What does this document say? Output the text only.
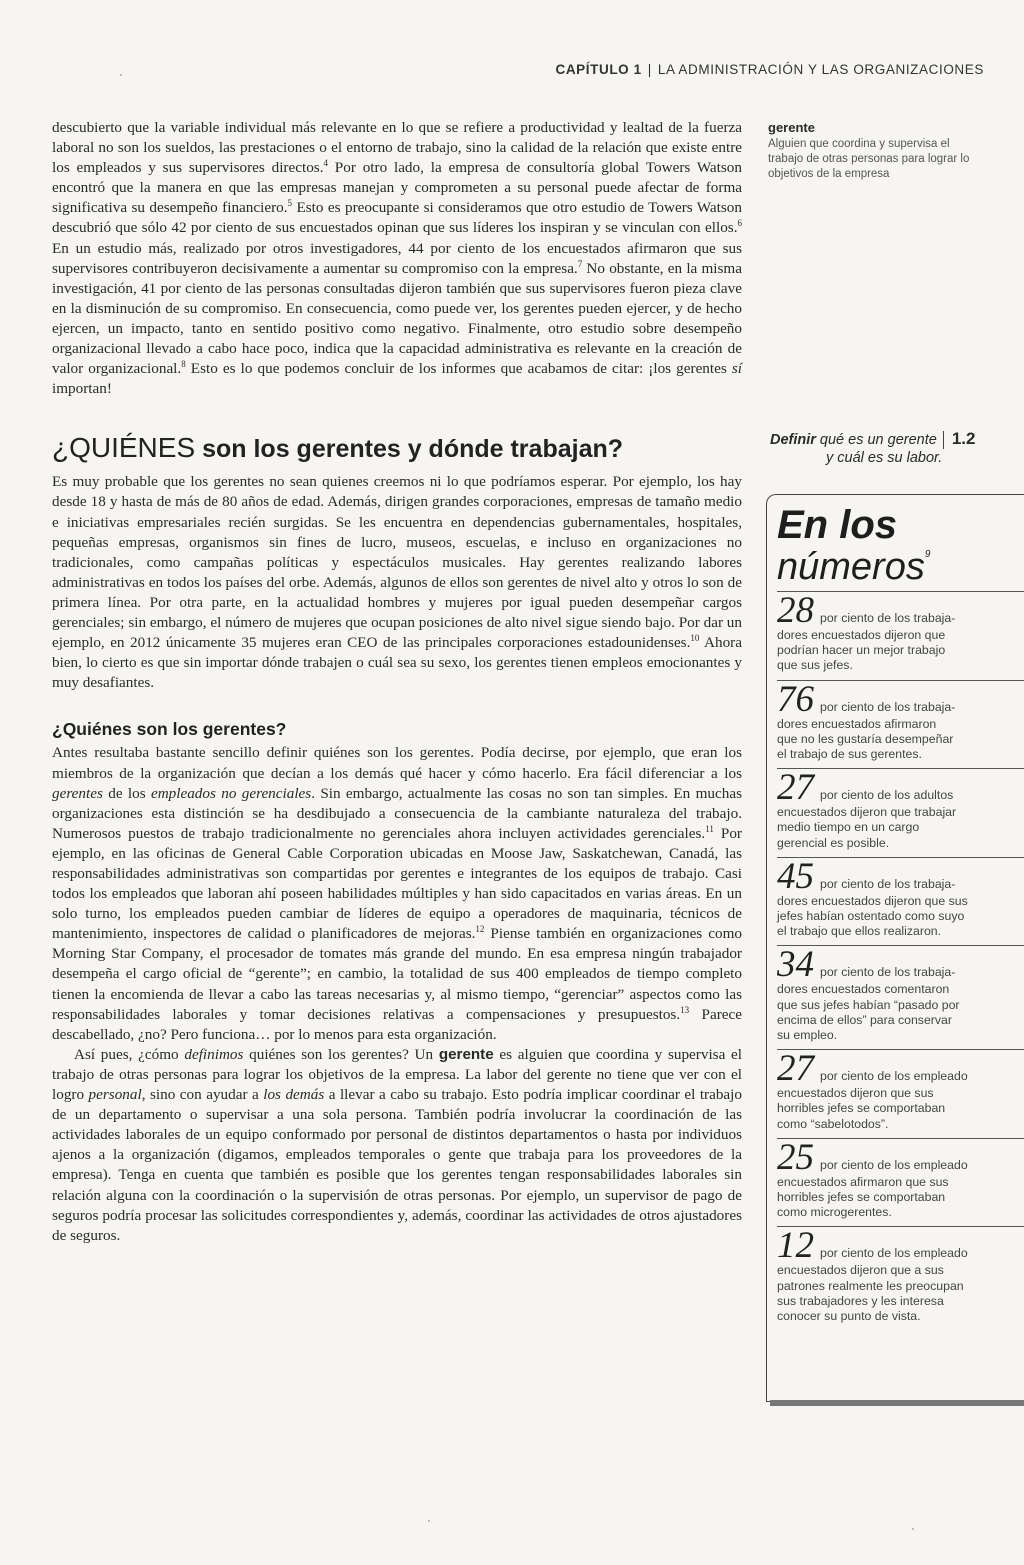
CAPÍTULO 1 | LA ADMINISTRACIÓN Y LAS ORGANIZACIONES

descubierto que la variable individual más relevante en lo que se refiere a productividad y lealtad de la fuerza laboral no son los sueldos, las prestaciones o el entorno de trabajo, sino la calidad de la relación que existe entre los empleados y sus supervisores directos.$^4$ Por otro lado, la empresa de consultoría global Towers Watson encontró que la manera en que las empresas manejan y comprometen a su personal puede afectar de forma significativa su desempeño financiero.$^5$ Esto es preocupante si consideramos que otro estudio de Towers Watson descubrió que sólo 42 por ciento de sus encuestados opinan que sus líderes los inspiran y se vinculan con ellos.$^6$ En un estudio más, realizado por otros investigadores, 44 por ciento de los encuestados afirmaron que sus supervisores contribuyeron decisivamente a aumentar su compromiso con la empresa.$^7$ No obstante, en la misma investigación, 41 por ciento de las personas consultadas dijeron también que sus supervisores fueron pieza clave en la disminución de su compromiso. En consecuencia, como puede ver, los gerentes pueden ejercer, y de hecho ejercen, un impacto, tanto en sentido positivo como negativo. Finalmente, otro estudio sobre desempeño organizacional llevado a cabo hace poco, indica que la capacidad administrativa es relevante en la creación de valor organizacional.$^8$ Esto es lo que podemos concluir de los informes que acabamos de citar: ¡los gerentes sí importan!

¿QUIÉNES son los gerentes y dónde trabajan?

Es muy probable que los gerentes no sean quienes creemos ni lo que podríamos esperar. Por ejemplo, los hay desde 18 y hasta de más de 80 años de edad. Además, dirigen grandes corporaciones, empresas de tamaño medio e iniciativas empresariales recién surgidas. Se les encuentra en dependencias gubernamentales, hospitales, pequeñas empresas, organismos sin fines de lucro, museos, escuelas, e incluso en organizaciones no tradicionales, como campañas políticas y espectáculos musicales. Hay gerentes realizando labores administrativas en todos los países del orbe. Además, algunos de ellos son gerentes de nivel alto y otros lo son de primera línea. Por otra parte, en la actualidad hombres y mujeres por igual pueden desempeñar cargos gerenciales; sin embargo, el número de mujeres que ocupan posiciones de alto nivel sigue siendo bajo. Por dar un ejemplo, en 2012 únicamente 35 mujeres eran CEO de las principales corporaciones estadounidenses.$^{10}$ Ahora bien, lo cierto es que sin importar dónde trabajen o cuál sea su sexo, los gerentes tienen empleos emocionantes y muy desafiantes.

¿Quiénes son los gerentes?

Antes resultaba bastante sencillo definir quiénes son los gerentes. Podía decirse, por ejemplo, que eran los miembros de la organización que decían a los demás qué hacer y cómo hacerlo. Era fácil diferenciar a los gerentes de los empleados no gerenciales. Sin embargo, actualmente las cosas no son tan simples. En muchas organizaciones esta distinción se ha desdibujado a consecuencia de la cambiante naturaleza del trabajo. Numerosos puestos de trabajo tradicionalmente no gerenciales ahora incluyen actividades gerenciales.$^{11}$ Por ejemplo, en las oficinas de General Cable Corporation ubicadas en Moose Jaw, Saskatchewan, Canadá, las responsabilidades administrativas son compartidas por gerentes e integrantes de los equipos de trabajo. Casi todos los empleados que laboran ahí poseen habilidades múltiples y han sido capacitados en varias áreas. En un solo turno, los empleados pueden cambiar de líderes de equipo a operadores de maquinaria, técnicos de mantenimiento, inspectores de calidad o planificadores de mejoras.$^{12}$ Piense también en organizaciones como Morning Star Company, el procesador de tomates más grande del mundo. En esa empresa ningún trabajador desempeña el cargo oficial de “gerente”; en cambio, la totalidad de sus 400 empleados de tiempo completo tienen la encomienda de llevar a cabo las tareas necesarias y, al mismo tiempo, “gerenciar” aspectos como las responsabilidades laborales y tomar decisiones relativas a compensaciones y presupuestos.$^{13}$ Parece descabellado, ¿no? Pero funciona… por lo menos para esta organización.

Así pues, ¿cómo definimos quiénes son los gerentes? Un gerente es alguien que coordina y supervisa el trabajo de otras personas para lograr los objetivos de la empresa. La labor del gerente no tiene que ver con el logro personal, sino con ayudar a los demás a llevar a cabo su trabajo. Esto podría implicar coordinar el trabajo de un departamento o supervisar a una sola persona. También podría involucrar la coordinación de las actividades laborales de un equipo conformado por personal de distintos departamentos o hasta por individuos ajenos a la organización (digamos, empleados temporales o gente que trabaja para los proveedores de la empresa). Tenga en cuenta que también es posible que los gerentes tengan responsabilidades laborales sin relación alguna con la coordinación o la supervisión de otras personas. Por ejemplo, un supervisor de pago de seguros podría procesar las solicitudes correspondientes y, además, coordinar las actividades de otros ajustadores de seguros.

gerente
Alguien que coordina y supervisa el
trabajo de otras personas para lograr lo
objetivos de la empresa
Definir qué es un gerente 1.2
y cuál es su labor.
En los
números$^9$
28 por ciento de los trabaja-
dores encuestados dijeron que
podrían hacer un mejor trabajo
que sus jefes.
76 por ciento de los trabaja-
dores encuestados afirmaron
que no les gustaría desempeñar
el trabajo de sus gerentes.
27 por ciento de los adultos
encuestados dijeron que trabajar
medio tiempo en un cargo
gerencial es posible.
45 por ciento de los trabaja-
dores encuestados dijeron que sus
jefes habían ostentado como suyo
el trabajo que ellos realizaron.
34 por ciento de los trabaja-
dores encuestados comentaron
que sus jefes habían “pasado por
encima de ellos” para conservar
su empleo.
27 por ciento de los empleado
encuestados dijeron que sus
horribles jefes se comportaban
como “sabelotodos”.
25 por ciento de los empleado
encuestados afirmaron que sus
horribles jefes se comportaban
como microgerentes.
12 por ciento de los empleado
encuestados dijeron que a sus
patrones realmente les preocupan
sus trabajadores y les interesa
conocer su punto de vista.
